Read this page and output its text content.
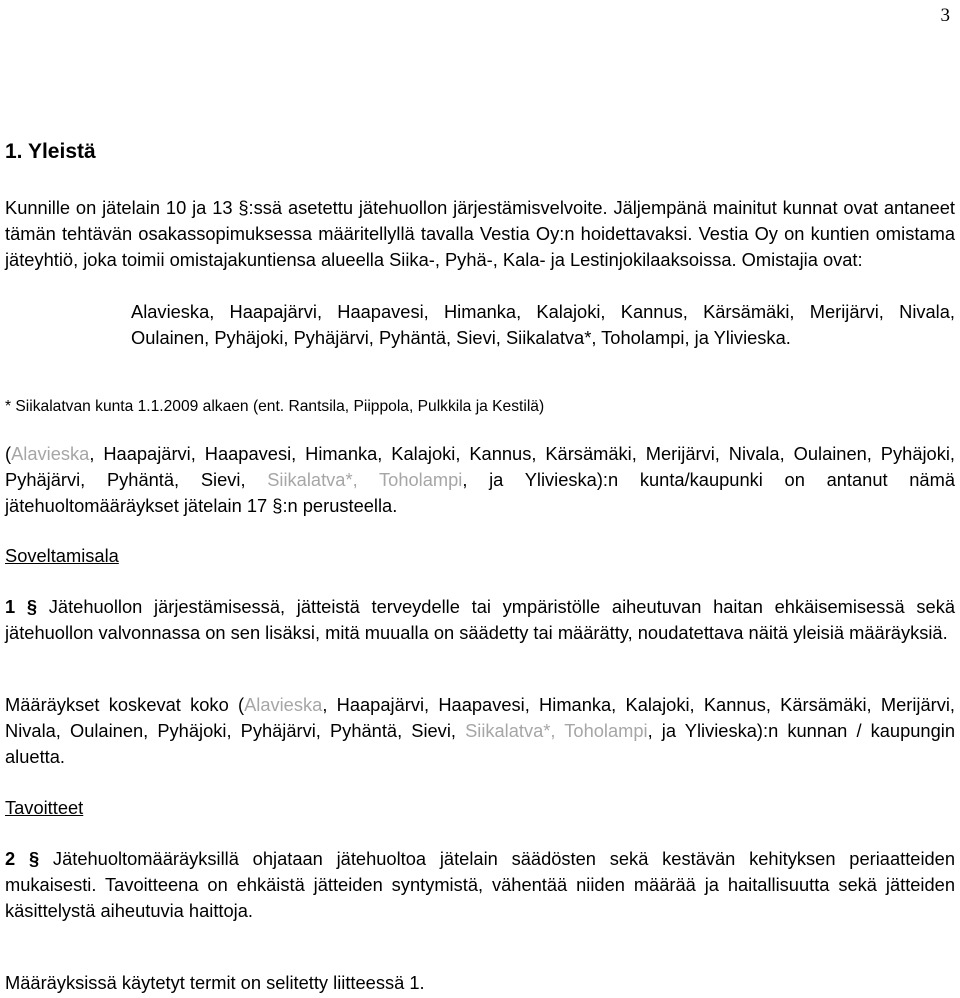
3
1. Yleistä

Kunnille on jätelain 10 ja 13 §:ssä asetettu jätehuollon järjestämisvelvoite. Jäljempänä mainitut kunnat ovat antaneet tämän tehtävän osakassopimuksessa määritellyllä tavalla Vestia Oy:n hoidettavaksi. Vestia Oy on kuntien omistama jäteyhtiö, joka toimii omistajakuntiensa alueella Siika-, Pyhä-, Kala- ja Lestinjokilaaksoissa. Omistajia ovat:

Alavieska, Haapajärvi, Haapavesi, Himanka, Kalajoki, Kannus, Kärsämäki, Merijärvi, Nivala, Oulainen, Pyhäjoki, Pyhäjärvi, Pyhäntä, Sievi, Siikalatva*, Toholampi, ja Ylivieska.

* Siikalatvan kunta 1.1.2009 alkaen (ent. Rantsila, Piippola, Pulkkila ja Kestilä)

(Alavieska, Haapajärvi, Haapavesi, Himanka, Kalajoki, Kannus, Kärsämäki, Merijärvi, Nivala, Oulainen, Pyhäjoki, Pyhäjärvi, Pyhäntä, Sievi, Siikalatva*, Toholampi, ja Ylivieska):n kunta/kaupunki on antanut nämä jätehuoltomääräykset jätelain 17 §:n perusteella.

Soveltamisala

1 § Jätehuollon järjestämisessä, jätteistä terveydelle tai ympäristölle aiheutuvan haitan ehkäisemisessä sekä jätehuollon valvonnassa on sen lisäksi, mitä muualla on säädetty tai määrätty, noudatettava näitä yleisiä määräyksiä.

Määräykset koskevat koko (Alavieska, Haapajärvi, Haapavesi, Himanka, Kalajoki, Kannus, Kärsämäki, Merijärvi, Nivala, Oulainen, Pyhäjoki, Pyhäjärvi, Pyhäntä, Sievi, Siikalatva*, Toholampi, ja Ylivieska):n kunnan / kaupungin aluetta.

Tavoitteet

2 § Jätehuoltomääräyksillä ohjataan jätehuoltoa jätelain säädösten sekä kestävän kehityksen periaatteiden mukaisesti. Tavoitteena on ehkäistä jätteiden syntymistä, vähentää niiden määrää ja haitallisuutta sekä jätteiden käsittelystä aiheutuvia haittoja.

Määräyksissä käytetyt termit on selitetty liitteessä 1.
